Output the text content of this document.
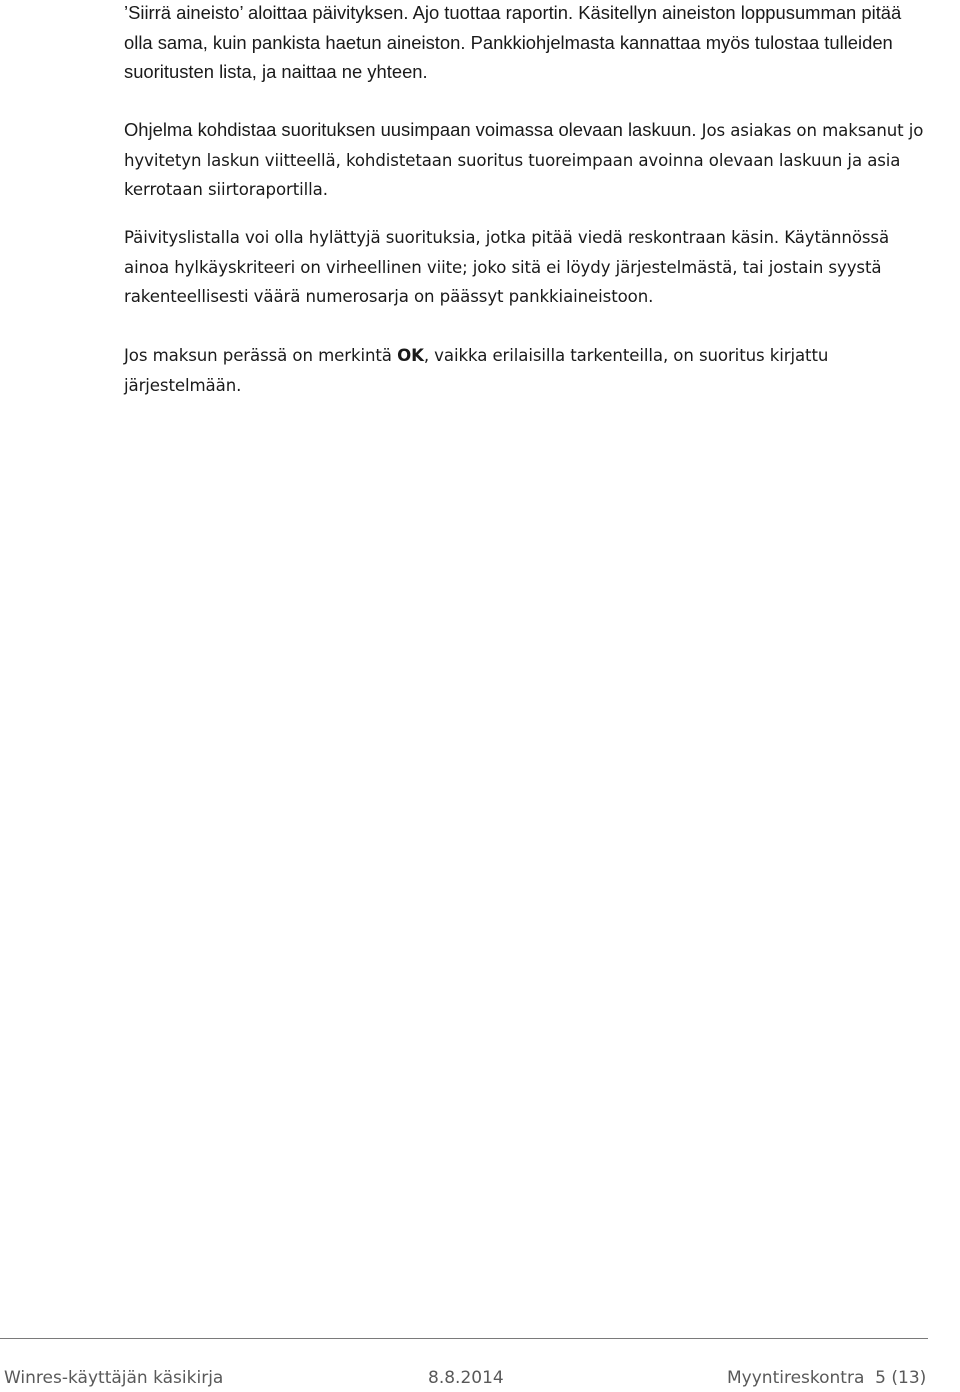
’Siirrä aineisto’ aloittaa päivityksen. Ajo tuottaa raportin. Käsitellyn aineiston loppusumman pitää
olla sama, kuin pankista haetun aineiston. Pankkiohjelmasta kannattaa myös tulostaa tulleiden
suoritusten lista, ja naittaa ne yhteen.
Ohjelma kohdistaa suorituksen uusimpaan voimassa olevaan laskuun. Jos asiakas on maksanut jo
hyvitetyn laskun viitteellä, kohdistetaan suoritus tuoreimpaan avoinna olevaan laskuun ja asia
kerrotaan siirtoraportilla.
Päivityslistalla voi olla hylättyjä suorituksia, jotka pitää viedä reskontraan käsin. Käytännössä
ainoa hylkäyskriteeri on virheellinen viite; joko sitä ei löydy järjestelmästä, tai jostain syystä
rakenteellisesti väärä numerosarja on päässyt pankkiaineistoon.
Jos maksun perässä on merkintä OK, vaikka erilaisilla tarkenteilla, on suoritus kirjattu
järjestelmään.
Winres-käyttäjän käsikirja	8.8.2014	Myyntireskontra  5 (13)
